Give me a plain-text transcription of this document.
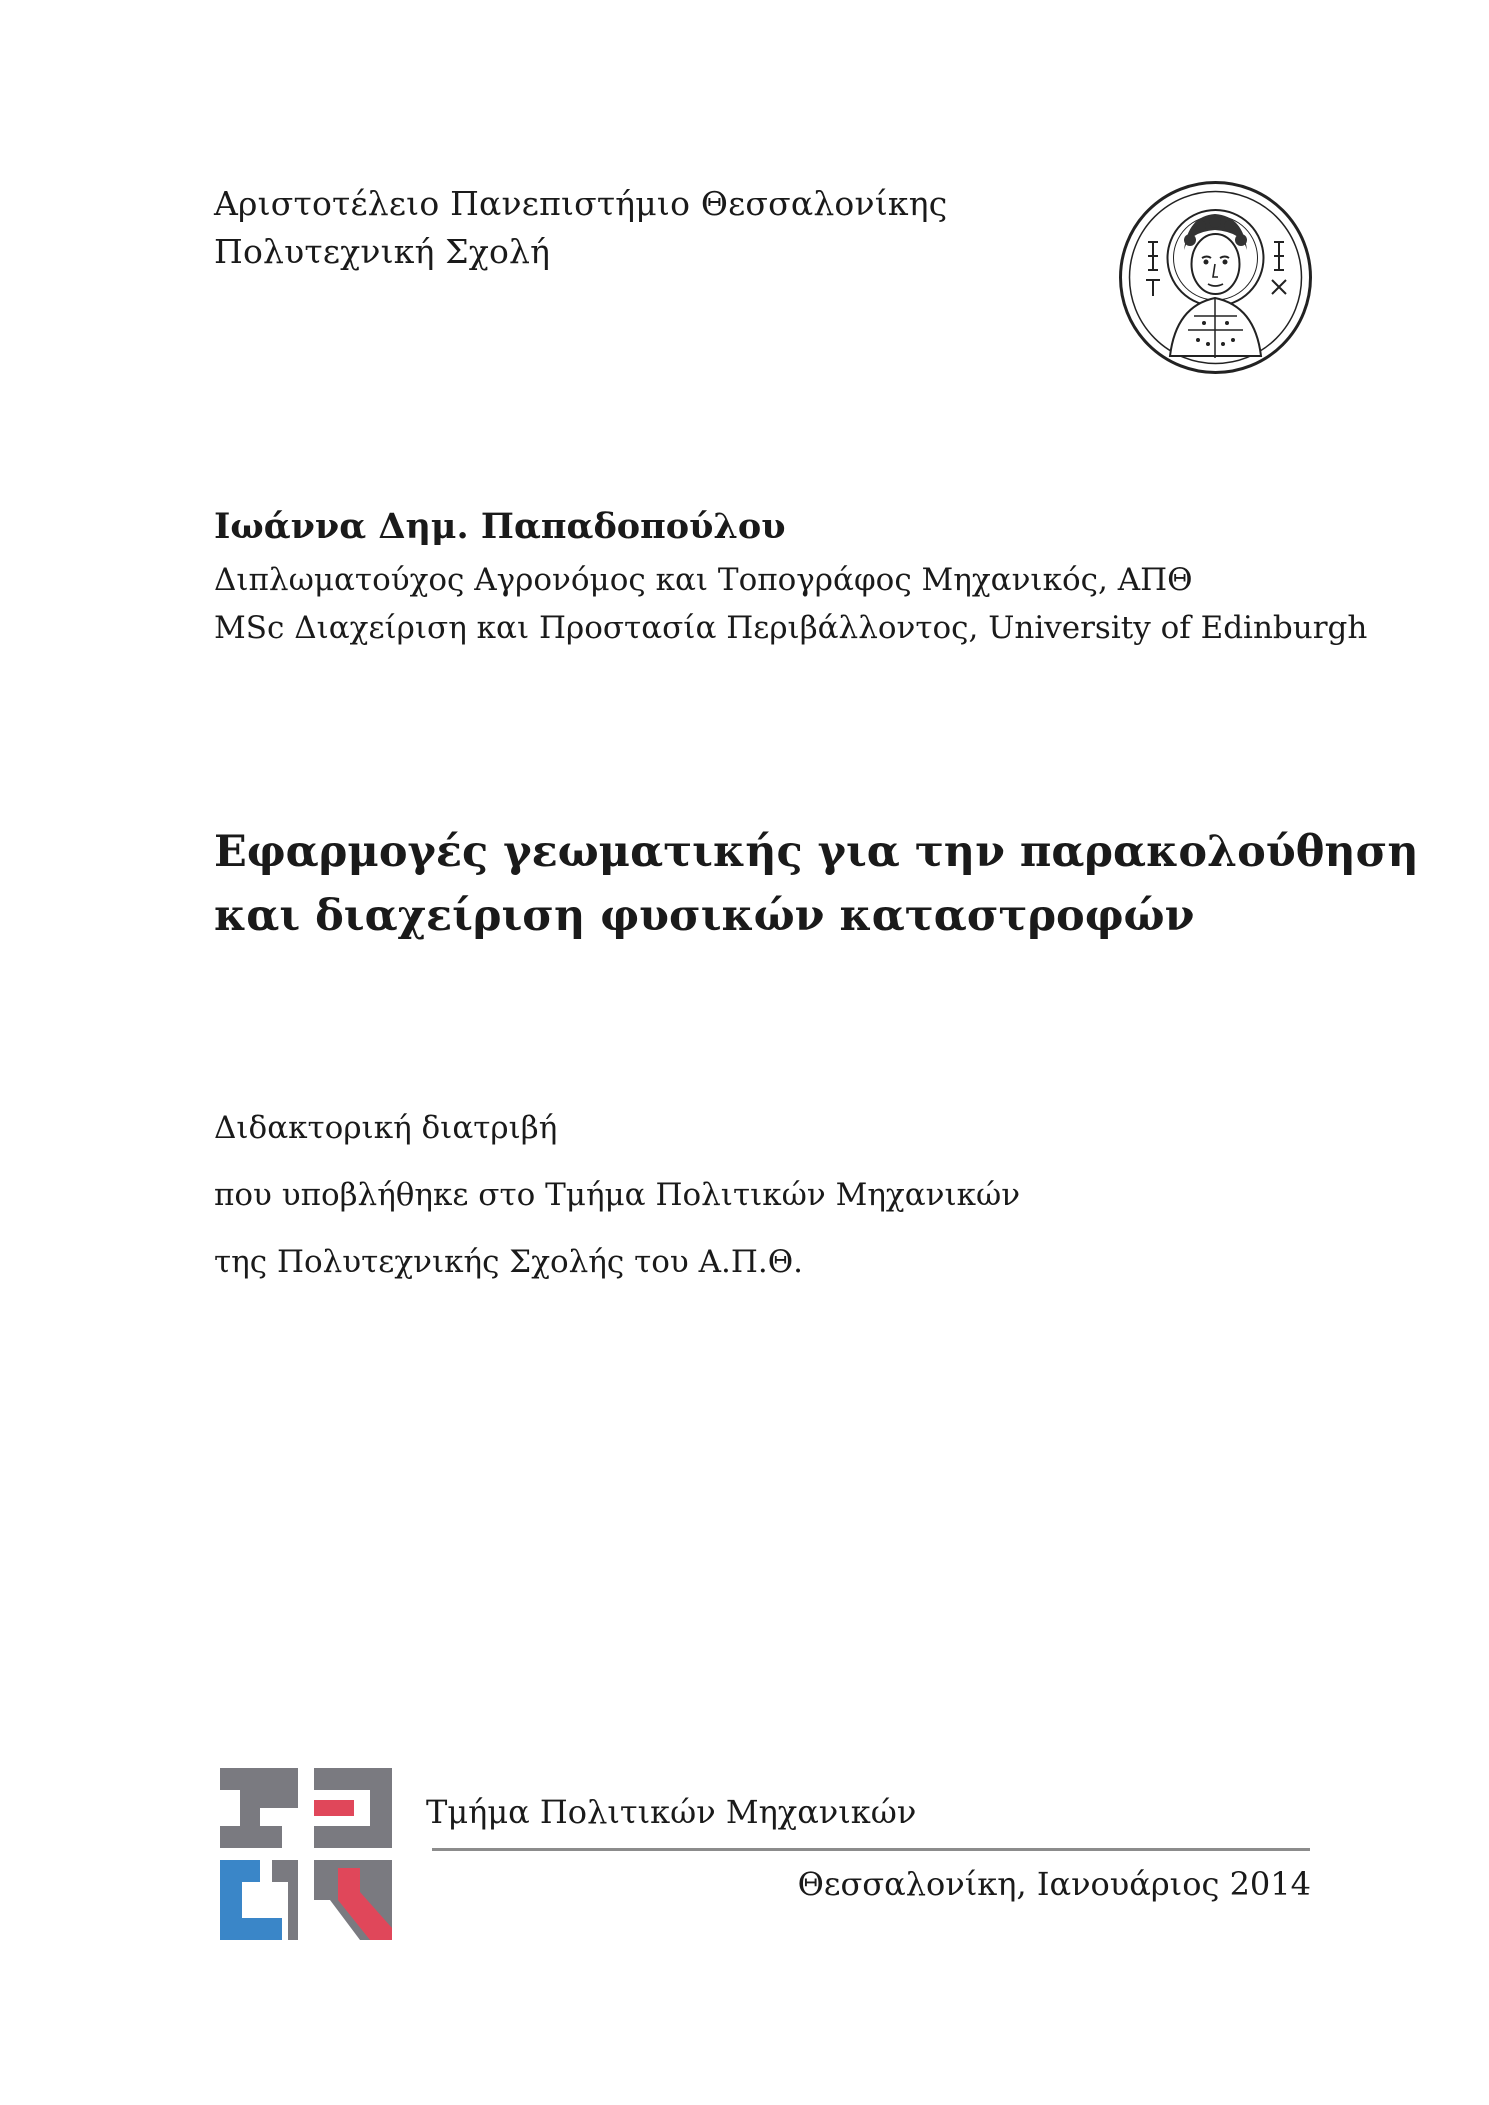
Αριστοτέλειο Πανεπιστήμιο Θεσσαλονίκης
Πολυτεχνική Σχολή

Ιωάννα Δημ. Παπαδοπούλου

Διπλωματούχος Αγρονόμος και Τοπογράφος Μηχανικός, ΑΠΘ
MSc Διαχείριση και Προστασία Περιβάλλοντος, University of Edinburgh
Εφαρμογές γεωματικής για την παρακολούθηση
και διαχείριση φυσικών καταστροφών
Διδακτορική διατριβή
που υποβλήθηκε στο Τμήμα Πολιτικών Μηχανικών
της Πολυτεχνικής Σχολής του Α.Π.Θ.

Τμήμα Πολιτικών Μηχανικών

Θεσσαλονίκη, Ιανουάριος 2014
